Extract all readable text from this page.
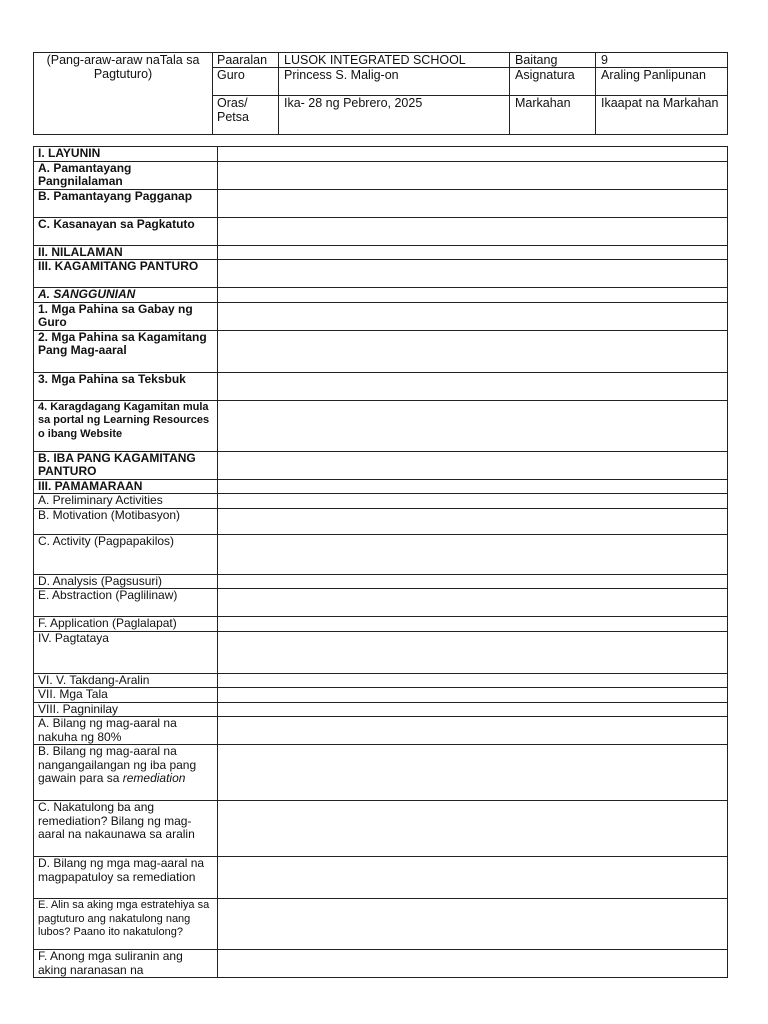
(Pang-araw-araw naTala sa Pagtuturo)	Paaralan	LUSOK INTEGRATED SCHOOL	Baitang	9
	Guro	Princess S. Malig-on	Asignatura	Araling Panlipunan
	Oras/ Petsa	Ika- 28 ng Pebrero, 2025	Markahan	Ikaapat na Markahan
I. LAYUNIN	
A. Pamantayang Pangnilalaman	
B. Pamantayang Pagganap	
C. Kasanayan sa Pagkatuto	
II. NILALAMAN	
III. KAGAMITANG PANTURO	
A. SANGGUNIAN	
1. Mga Pahina sa Gabay ng Guro	
2. Mga Pahina sa Kagamitang Pang Mag-aaral	
3. Mga Pahina sa Teksbuk	
4. Karagdagang Kagamitan mula sa portal ng Learning Resources o ibang Website	
B. IBA PANG KAGAMITANG PANTURO	
III. PAMAMARAAN	
A. Preliminary Activities	
B. Motivation (Motibasyon)	
C. Activity (Pagpapakilos)	
D. Analysis (Pagsusuri)	
E. Abstraction (Paglilinaw)	
F. Application (Paglalapat)	
IV. Pagtataya	
VI. V. Takdang-Aralin	
VII. Mga Tala	
VIII. Pagninilay	
A. Bilang ng mag-aaral na nakuha ng 80%	
B. Bilang ng mag-aaral na nangangailangan ng iba pang gawain para sa remediation	
C. Nakatulong ba ang remediation? Bilang ng mag-aaral na nakaunawa sa aralin	
D. Bilang ng mga mag-aaral na magpapatuloy sa remediation	
E. Alin sa aking mga estratehiya sa pagtuturo ang nakatulong nang lubos? Paano ito nakatulong?	
F. Anong mga suliranin ang aking naranasan na	
